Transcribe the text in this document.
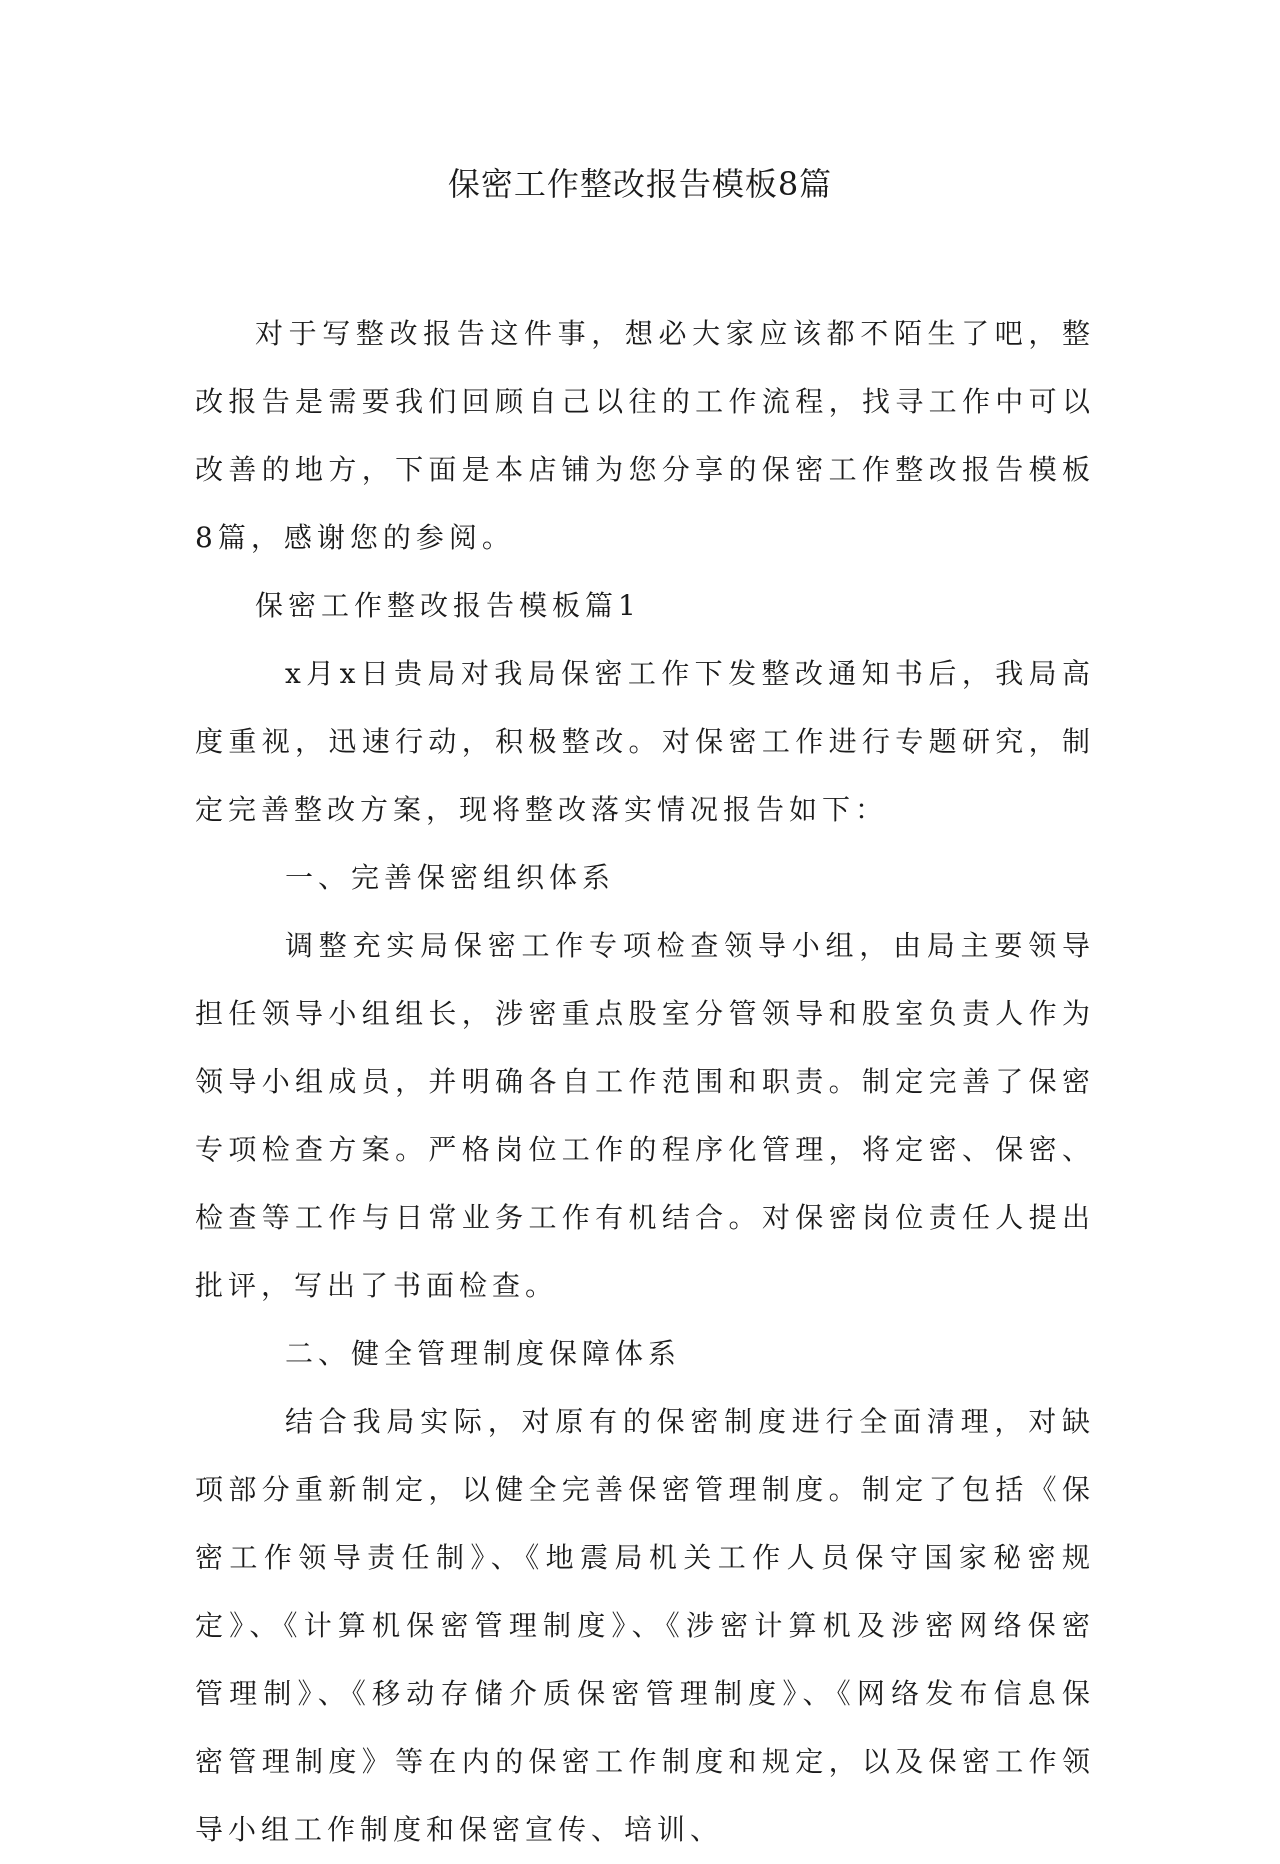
保密工作整改报告模板8篇

对于写整改报告这件事，想必大家应该都不陌生了吧，整改报告是需要我们回顾自己以往的工作流程，找寻工作中可以改善的地方，下面是本店铺为您分享的保密工作整改报告模板8篇，感谢您的参阅。

保密工作整改报告模板篇1

x月x日贵局对我局保密工作下发整改通知书后，我局高度重视，迅速行动，积极整改。对保密工作进行专题研究，制定完善整改方案，现将整改落实情况报告如下：

一、完善保密组织体系

调整充实局保密工作专项检查领导小组，由局主要领导担任领导小组组长，涉密重点股室分管领导和股室负责人作为领导小组成员，并明确各自工作范围和职责。制定完善了保密专项检查方案。严格岗位工作的程序化管理，将定密、保密、检查等工作与日常业务工作有机结合。对保密岗位责任人提出批评，写出了书面检查。

二、健全管理制度保障体系

结合我局实际，对原有的保密制度进行全面清理，对缺项部分重新制定，以健全完善保密管理制度。制定了包括《保密工作领导责任制》、《地震局机关工作人员保守国家秘密规定》、《计算机保密管理制度》、《涉密计算机及涉密网络保密管理制》、《移动存储介质保密管理制度》、《网络发布信息保密管理制度》等在内的保密工作制度和规定，以及保密工作领导小组工作制度和保密宣传、培训、
